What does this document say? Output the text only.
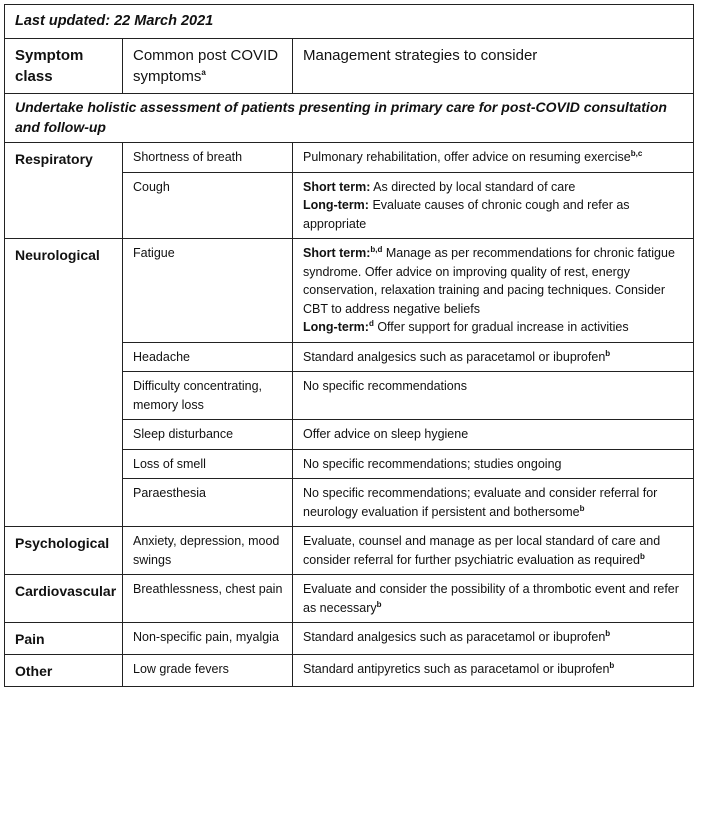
Last updated: 22 March 2021		
Symptom class	Common post COVID symptoms$^a$	Management strategies to consider
Undertake holistic assessment of patients presenting in primary care for post-COVID consultation and follow-up		
Respiratory	Shortness of breath	Pulmonary rehabilitation, offer advice on resuming exercise$^{b,c}$
	Cough	Short term: As directed by local standard of care
Long-term: Evaluate causes of chronic cough and refer as appropriate
Neurological	Fatigue	Short term:$^{b,d}$ Manage as per recommendations for chronic fatigue syndrome. Offer advice on improving quality of rest, energy conservation, relaxation training and pacing techniques. Consider CBT to address negative beliefs
Long-term:$^d$ Offer support for gradual increase in activities
	Headache	Standard analgesics such as paracetamol or ibuprofen$^b$
	Difficulty concentrating, memory loss	No specific recommendations
	Sleep disturbance	Offer advice on sleep hygiene
	Loss of smell	No specific recommendations; studies ongoing
	Paraesthesia	No specific recommendations; evaluate and consider referral for neurology evaluation if persistent and bothersome$^b$
Psychological	Anxiety, depression, mood swings	Evaluate, counsel and manage as per local standard of care and consider referral for further psychiatric evaluation as required$^b$
Cardiovascular	Breathlessness, chest pain	Evaluate and consider the possibility of a thrombotic event and refer as necessary$^b$
Pain	Non-specific pain, myalgia	Standard analgesics such as paracetamol or ibuprofen$^b$
Other	Low grade fevers	Standard antipyretics such as paracetamol or ibuprofen$^b$
